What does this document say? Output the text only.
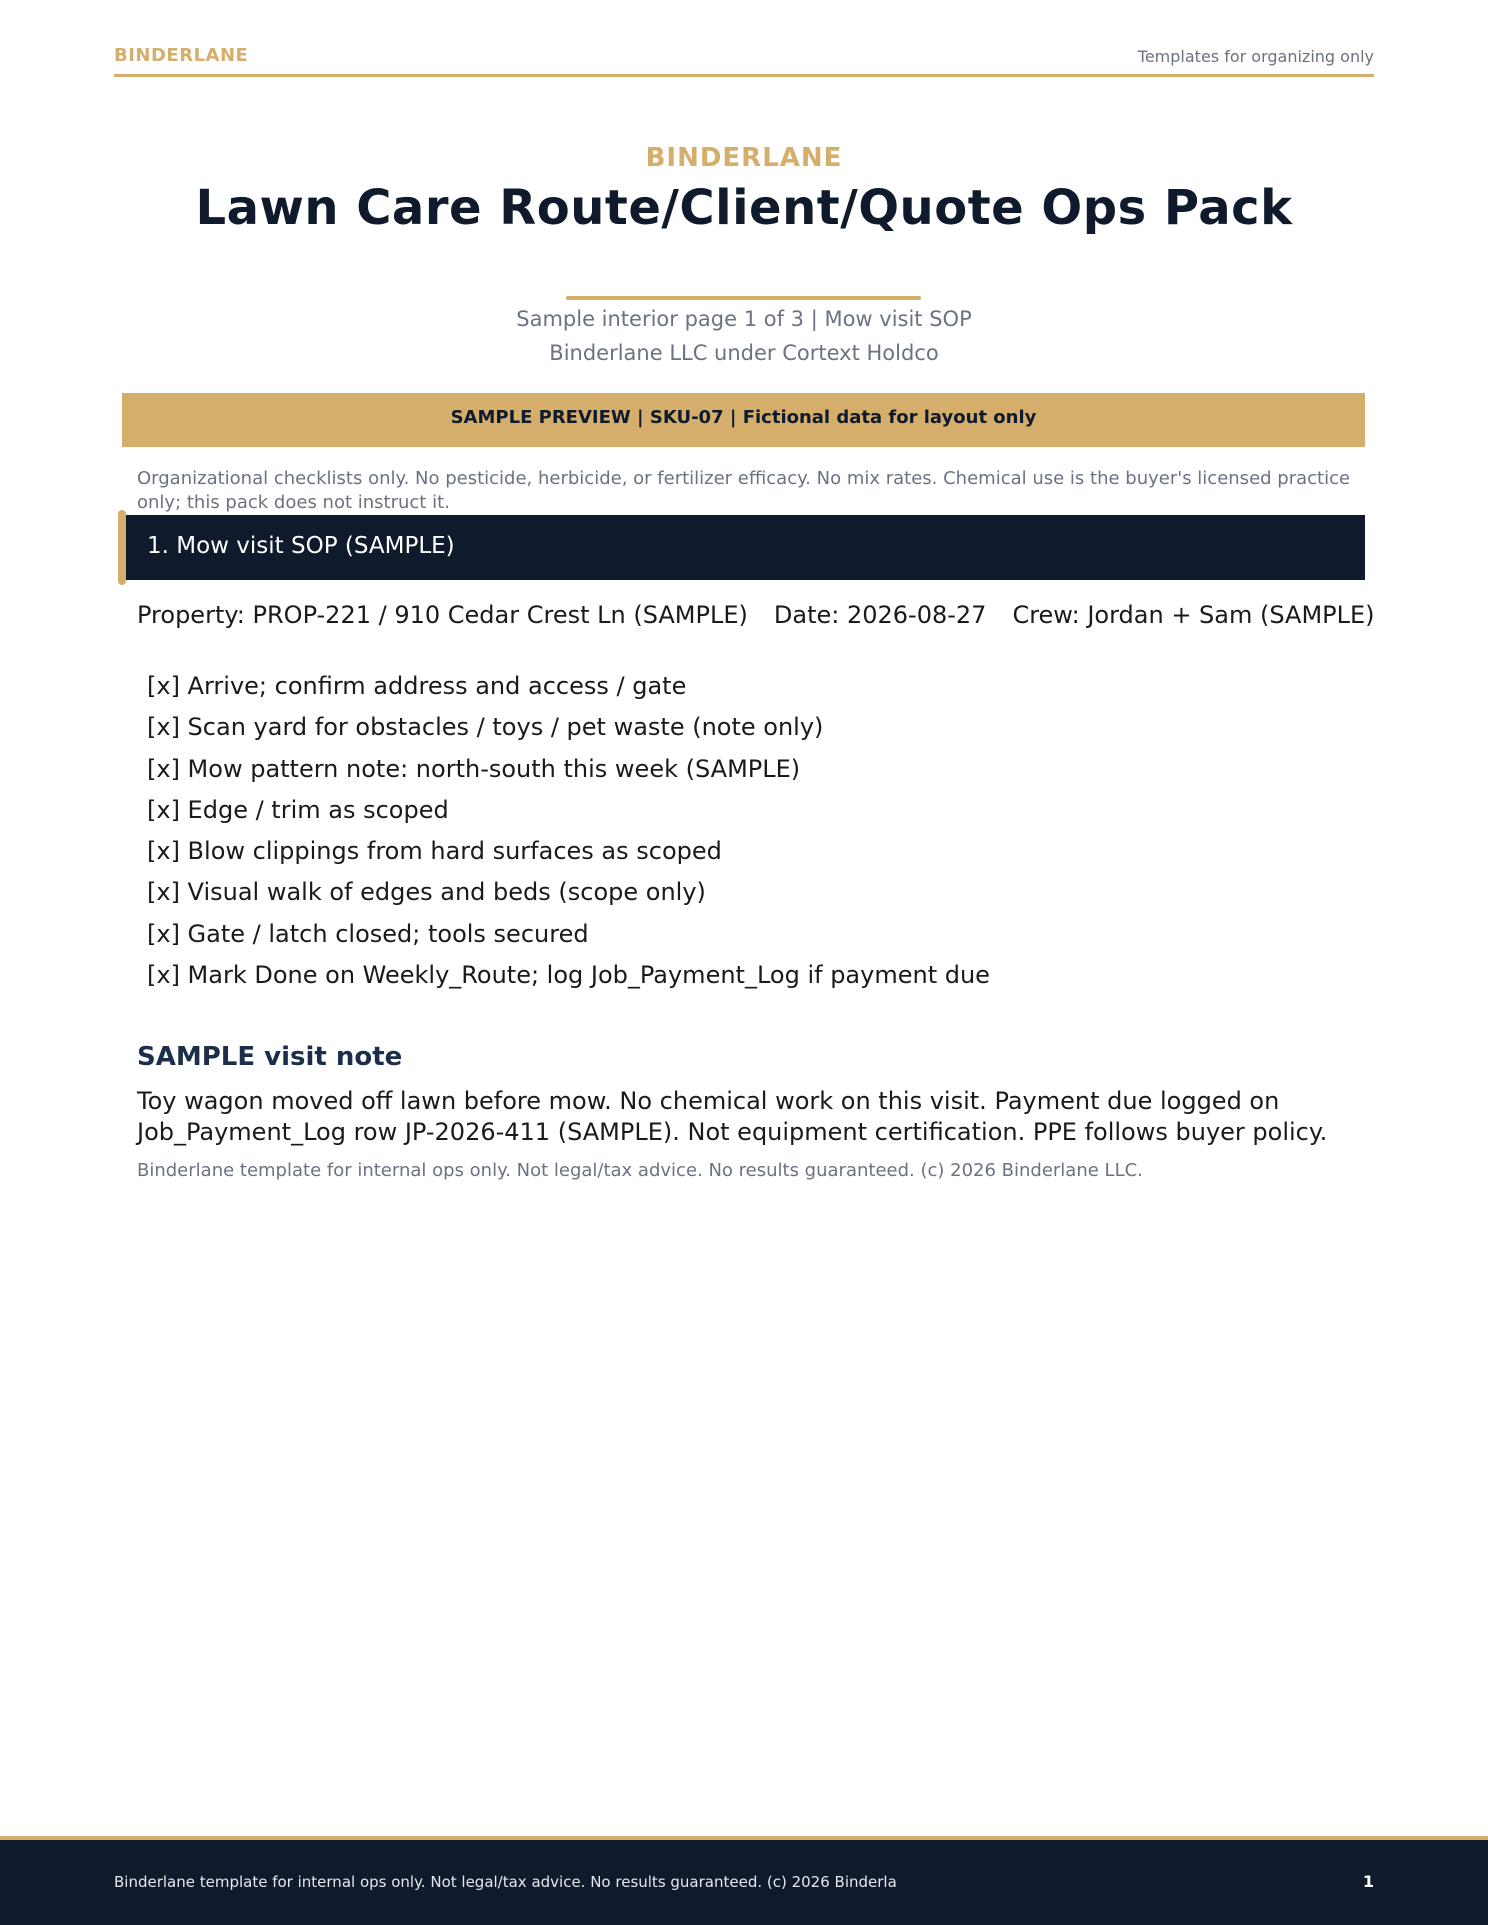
BINDERLANE	Templates for organizing only
BINDERLANE
Lawn Care Route/Client/Quote Ops Pack
Sample interior page 1 of 3 | Mow visit SOP
Binderlane LLC under Cortext Holdco
SAMPLE PREVIEW | SKU-07 | Fictional data for layout only
Organizational checklists only. No pesticide, herbicide, or fertilizer efficacy. No mix rates. Chemical use is the buyer's licensed practice only; this pack does not instruct it.
1. Mow visit SOP (SAMPLE)
Property: PROP-221 / 910 Cedar Crest Ln (SAMPLE) Date: 2026-08-27 Crew: Jordan + Sam (SAMPLE)
[x] Arrive; confirm address and access / gate
[x] Scan yard for obstacles / toys / pet waste (note only)
[x] Mow pattern note: north-south this week (SAMPLE)
[x] Edge / trim as scoped
[x] Blow clippings from hard surfaces as scoped
[x] Visual walk of edges and beds (scope only)
[x] Gate / latch closed; tools secured
[x] Mark Done on Weekly_Route; log Job_Payment_Log if payment due
SAMPLE visit note
Toy wagon moved off lawn before mow. No chemical work on this visit. Payment due logged on Job_Payment_Log row JP-2026-411 (SAMPLE). Not equipment certification. PPE follows buyer policy.
Binderlane template for internal ops only. Not legal/tax advice. No results guaranteed. (c) 2026 Binderlane LLC.
Binderlane template for internal ops only. Not legal/tax advice. No results guaranteed. (c) 2026 Binderla	1
